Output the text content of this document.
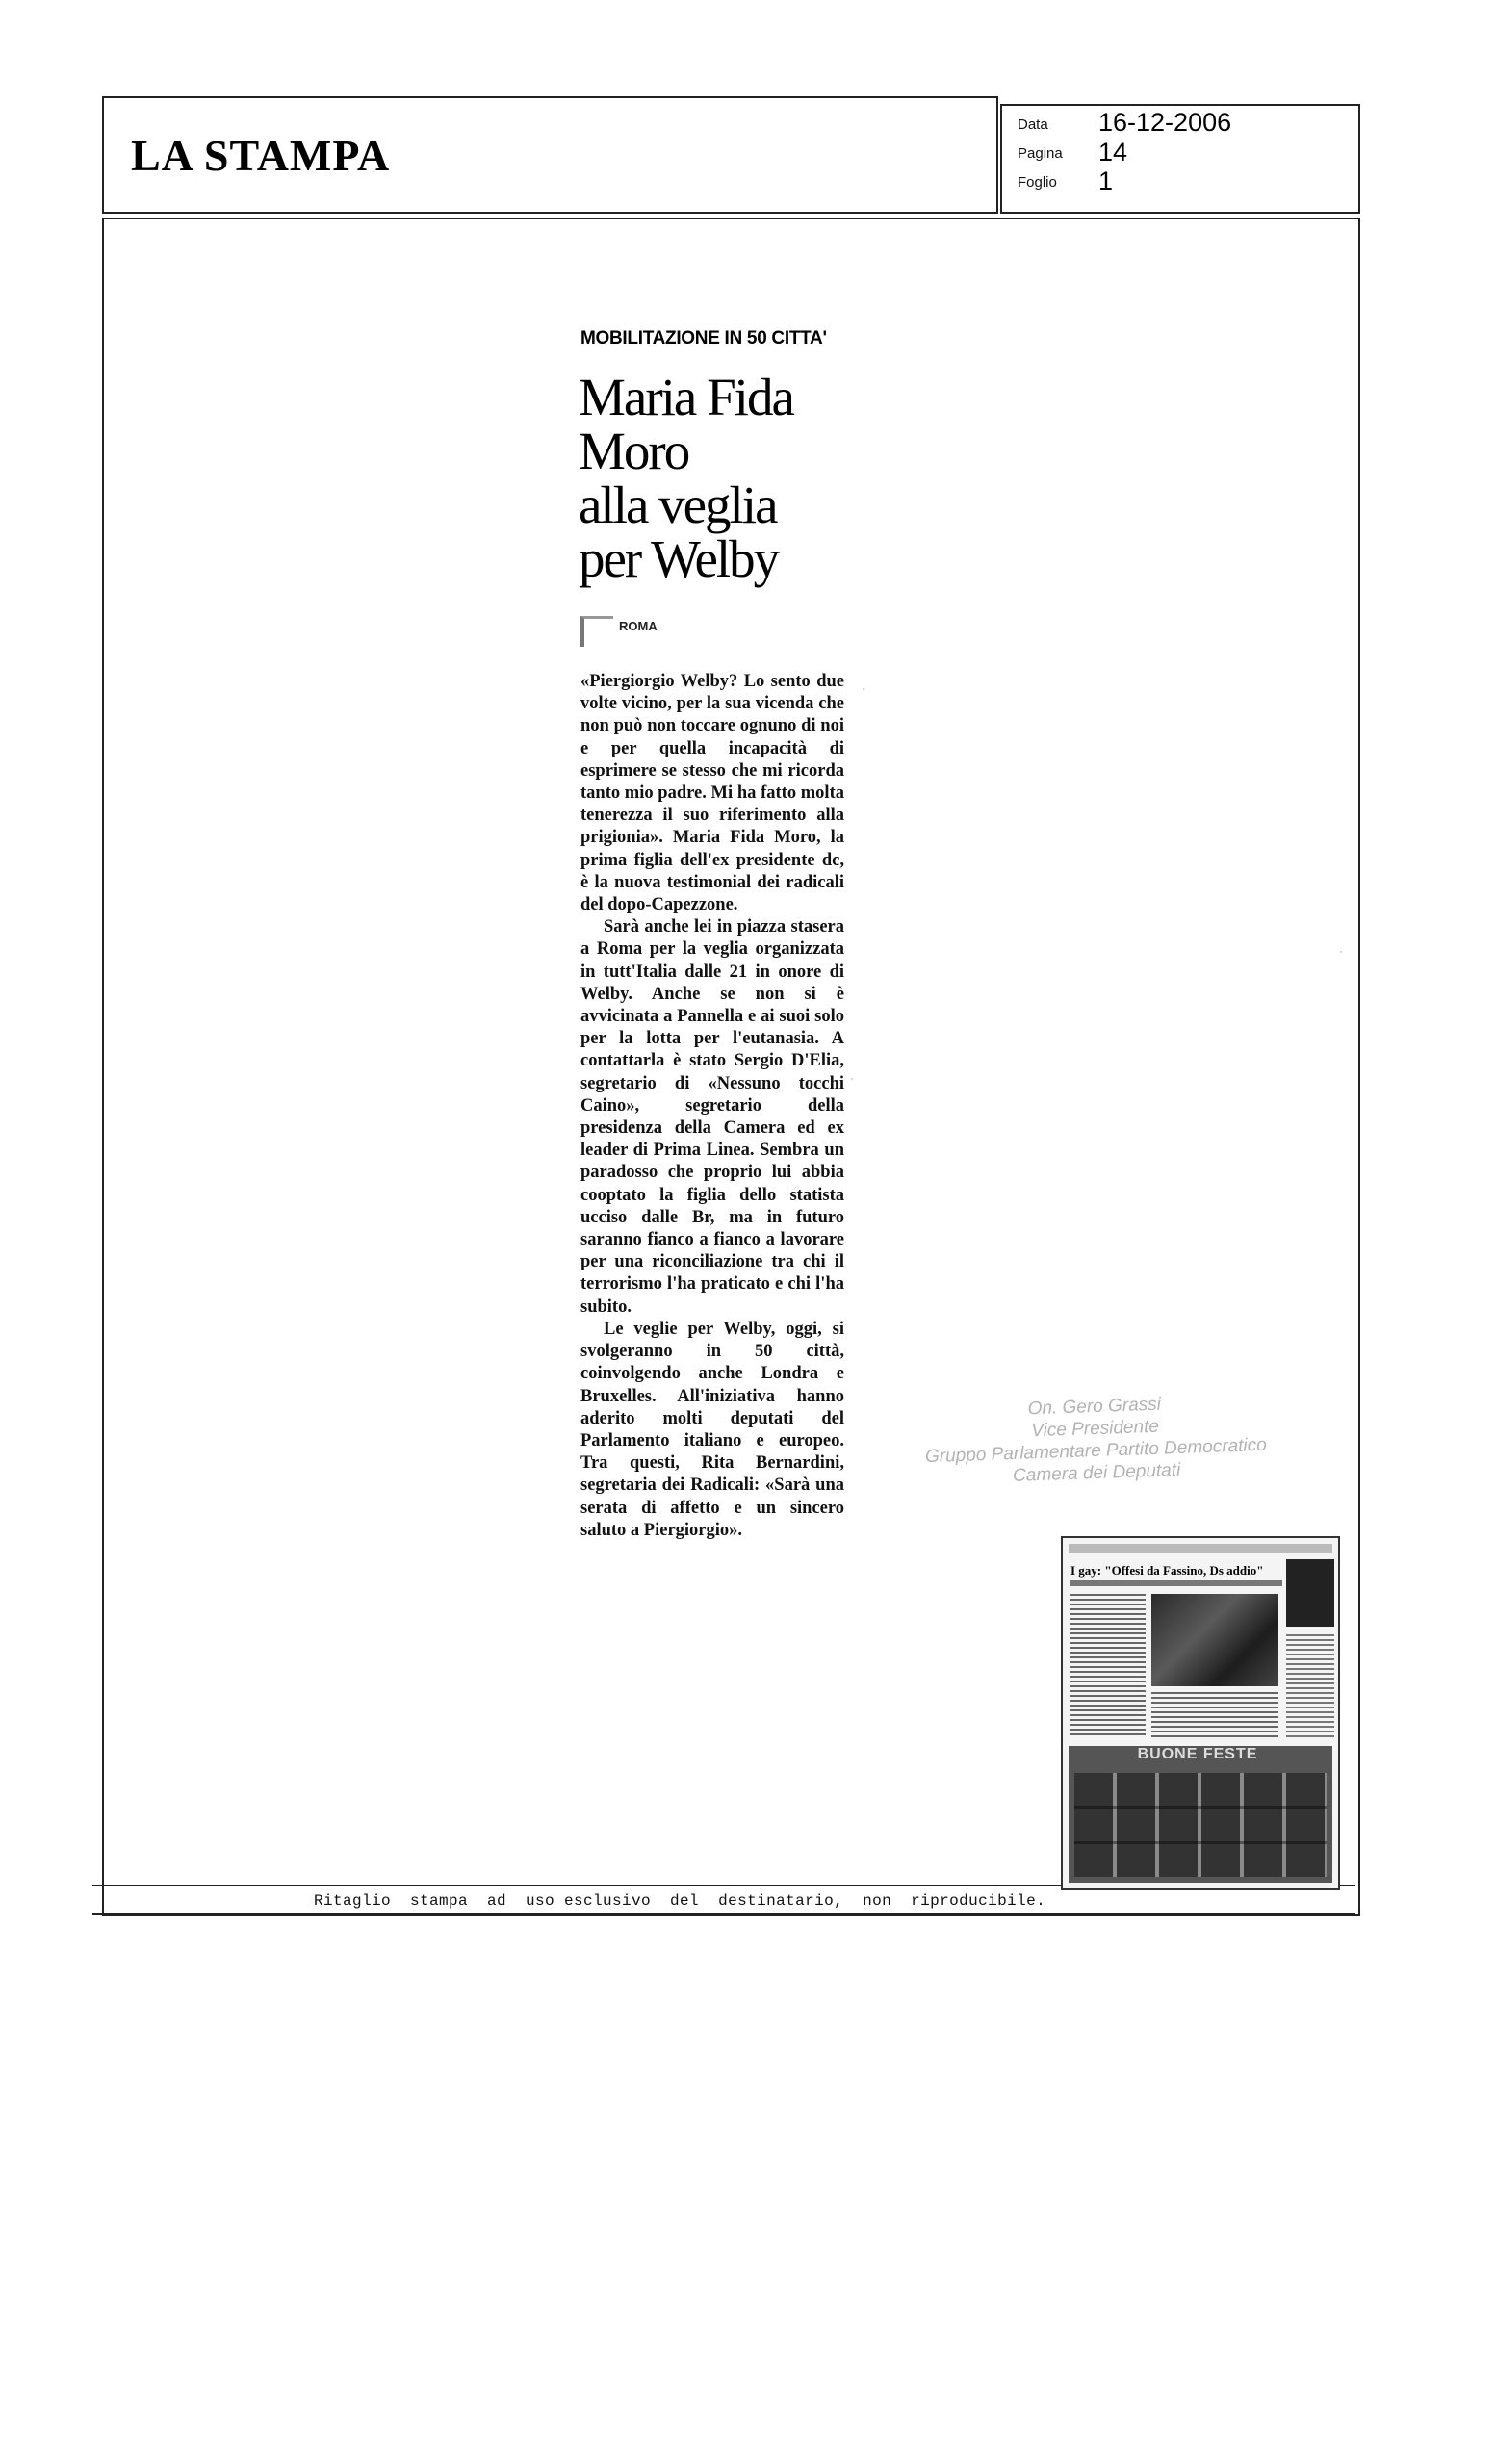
LA STAMPA
Data
Pagina
Foglio
16-12-2006
14
1
MOBILITAZIONE IN 50 CITTA'
Maria Fida
Moro
alla veglia
per Welby
ROMA

«Piergiorgio Welby? Lo sento due volte vicino, per la sua vicenda che non può non toccare ognuno di noi e per quella incapacità di esprimere se stesso che mi ricorda tanto mio padre. Mi ha fatto molta tenerezza il suo riferimento alla prigionia». Maria Fida Moro, la prima figlia dell'ex presidente dc, è la nuova testimonial dei radicali del dopo-Capezzone.

Sarà anche lei in piazza stasera a Roma per la veglia organizzata in tutt'Italia dalle 21 in onore di Welby. Anche se non si è avvicinata a Pannella e ai suoi solo per la lotta per l'eutanasia. A contattarla è stato Sergio D'Elia, segretario di «Nessuno tocchi Caino», segretario della presidenza della Camera ed ex leader di Prima Linea. Sembra un paradosso che proprio lui abbia cooptato la figlia dello statista ucciso dalle Br, ma in futuro saranno fianco a fianco a lavorare per una riconciliazione tra chi il terrorismo l'ha praticato e chi l'ha subito.

Le veglie per Welby, oggi, si svolgeranno in 50 città, coinvolgendo anche Londra e Bruxelles. All'iniziativa hanno aderito molti deputati del Parlamento italiano e europeo. Tra questi, Rita Bernardini, segretaria dei Radicali: «Sarà una serata di affetto e un sincero saluto a Piergiorgio».

On. Gero Grassi
Vice Presidente
Gruppo Parlamentare Partito Democratico
Camera dei Deputati
I gay: "Offesi da Fassino, Ds addio"
BUONE FESTE
Ritaglio  stampa  ad  uso esclusivo  del  destinatario,  non  riproducibile.
